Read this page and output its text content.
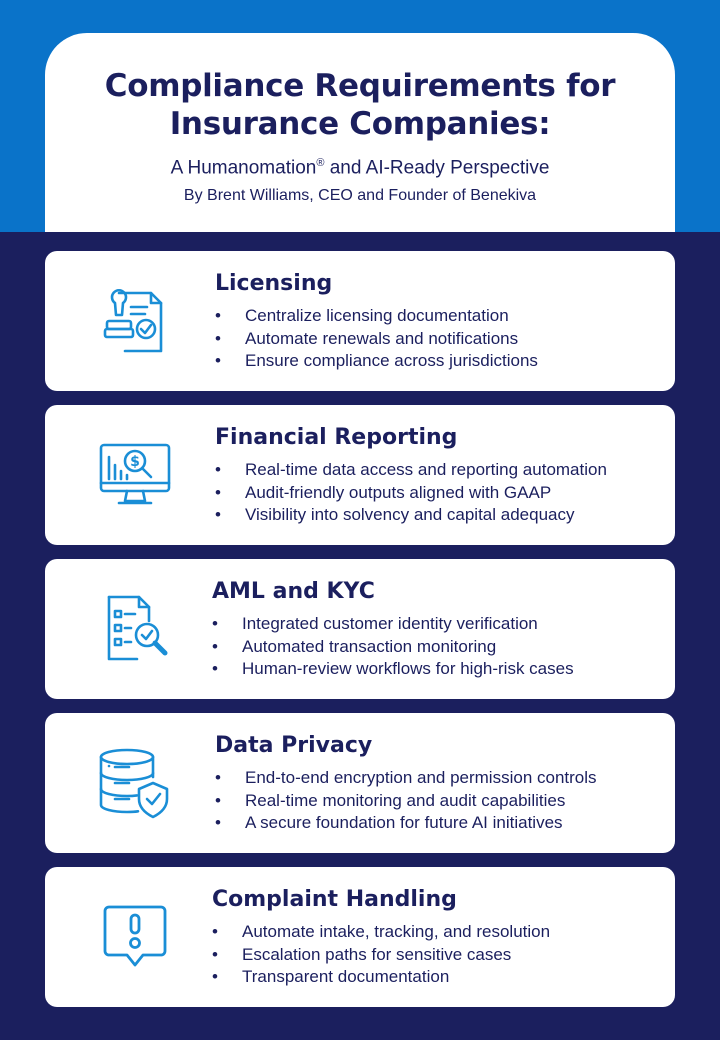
Compliance Requirements for
Insurance Companies:
A Humanomation® and AI-Ready Perspective
By Brent Williams, CEO and Founder of Benekiva
Licensing
• Centralize licensing documentation
• Automate renewals and notifications
• Ensure compliance across jurisdictions
$
Financial Reporting
• Real-time data access and reporting automation
• Audit-friendly outputs aligned with GAAP
• Visibility into solvency and capital adequacy
AML and KYC
• Integrated customer identity verification
• Automated transaction monitoring
• Human-review workflows for high-risk cases
Data Privacy
• End-to-end encryption and permission controls
• Real-time monitoring and audit capabilities
• A secure foundation for future AI initiatives
Complaint Handling
• Automate intake, tracking, and resolution
• Escalation paths for sensitive cases
• Transparent documentation
